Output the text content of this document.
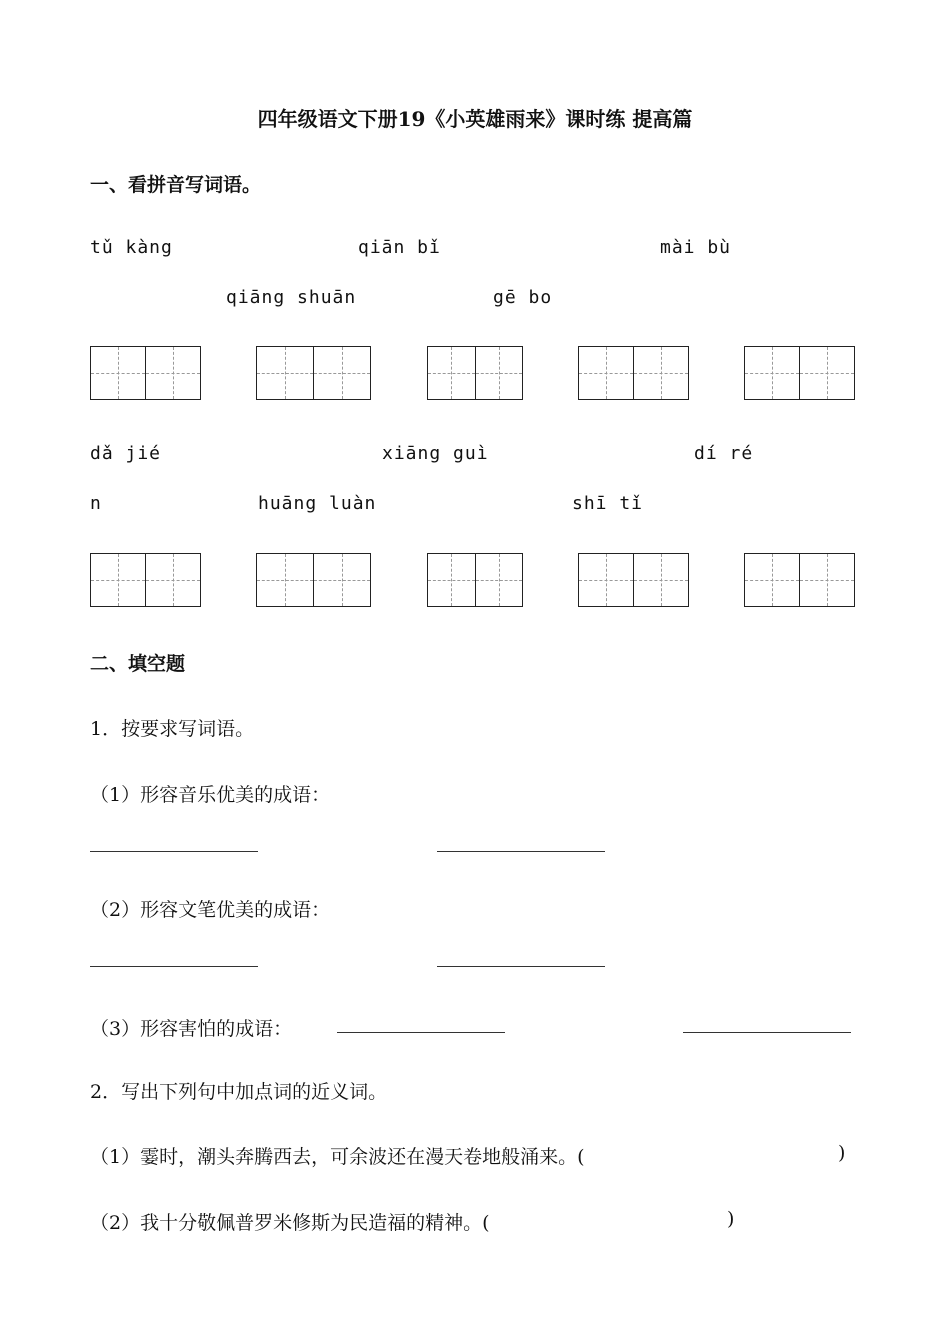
四年级语文下册19《小英雄雨来》课时练 提高篇
一、看拼音写词语。
tǔ kàng	qiān bǐ	mài bù
qiāng shuān	gē bo
dǎ jié	xiāng guì	dí ré
n	huāng luàn	shī tǐ
二、填空题
1．按要求写词语。
（1）形容音乐优美的成语：
（2）形容文笔优美的成语：
（3）形容害怕的成语：
2．写出下列句中加点词的近义词。
（1）霎时，潮头奔腾西去，可余波还在漫天卷地般涌来。(	)
（2）我十分敬佩普罗米修斯为民造福的精神。(	)
